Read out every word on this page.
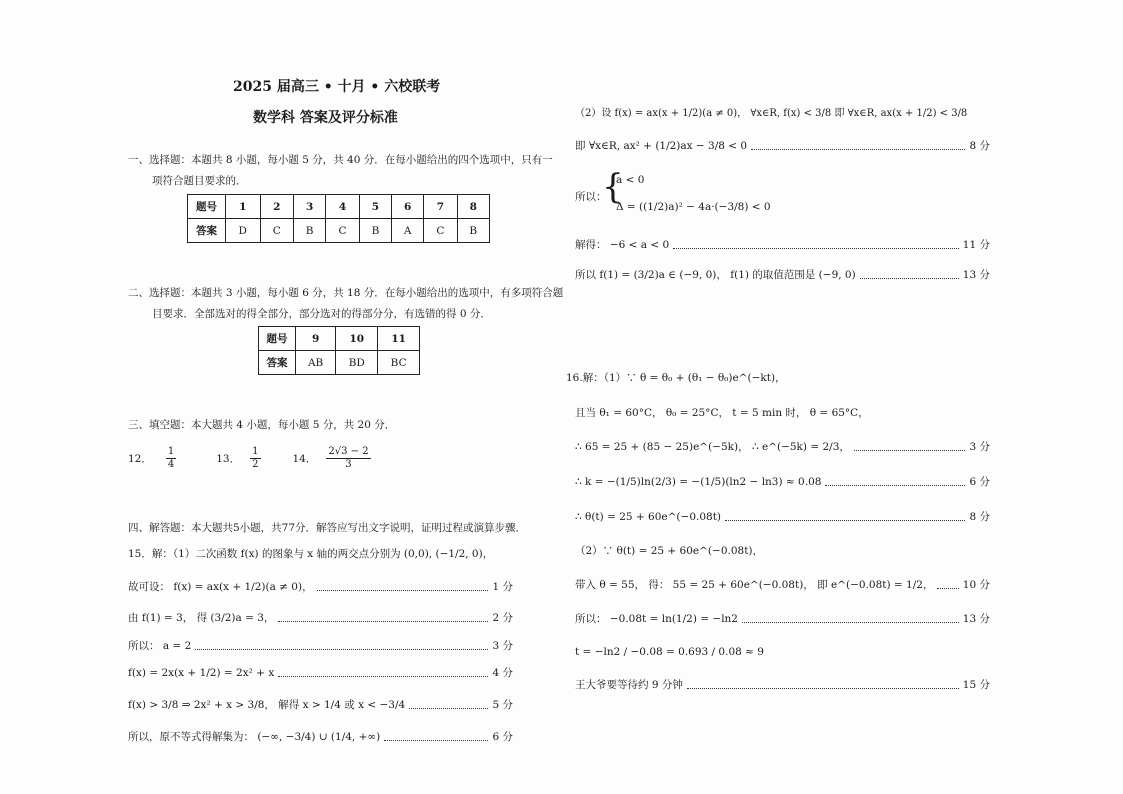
2025 届高三 • 十月 • 六校联考
数学科 答案及评分标准
一、选择题：本题共 8 小题，每小题 5 分，共 40 分．在每小题给出的四个选项中，只有一
项符合题目要求的．
题号	1	2	3	4	5	6	7	8
答案	D	C	B	C	B	A	C	B
二、选择题：本题共 3 小题，每小题 6 分，共 18 分．在每小题给出的选项中，有多项符合题
目要求．全部选对的得全部分，部分选对的得部分分，有选错的得 0 分．
题号	9	10	11
答案	AB	BD	BC
三、填空题：本大题共 4 小题，每小题 5 分，共 20 分．
12． $\frac{1}{4}$	13． $\frac{1}{2}$	14． $\frac{2√3 - 2}{3}$
四、解答题：本大题共5小题，共77分．解答应写出文字说明，证明过程或演算步骤．
15．解：（1）二次函数 f(x) 的图象与 x 轴的两交点分别为 (0,0), (−1/2, 0)，
故可设： f(x) = ax(x + 1/2)(a ≠ 0)，	1 分
由 f(1) = 3， 得 (3/2)a = 3，	2 分
所以： a = 2	3 分
f(x) = 2x(x + 1/2) = 2x² + x	4 分
f(x) > 3/8 ⇒ 2x² + x > 3/8， 解得 x > 1/4 或 x < −3/4	5 分
所以，原不等式得解集为： (−∞, −3/4) ∪ (1/4, +∞)	6 分
（2）设 f(x) = ax(x + 1/2)(a ≠ 0)， ∀x∈R, f(x) < 3/8 即 ∀x∈R, ax(x + 1/2) < 3/8
即 ∀x∈R, ax² + (1/2)ax − 3/8 < 0	8 分
所以：
{
a < 0
Δ = ((1/2)a)² − 4a·(−3/8) < 0
解得： −6 < a < 0	11 分
所以 f(1) = (3/2)a ∈ (−9, 0)， f(1) 的取值范围是 (−9, 0)	13 分
16.解：（1）∵ θ = θ₀ + (θ₁ − θ₀)e^(−kt)，
且当 θ₁ = 60°C， θ₀ = 25°C， t = 5 min 时， θ = 65°C，
∴ 65 = 25 + (85 − 25)e^(−5k)， ∴ e^(−5k) = 2/3，	3 分
∴ k = −(1/5)ln(2/3) = −(1/5)(ln2 − ln3) ≈ 0.08	6 分
∴ θ(t) = 25 + 60e^(−0.08t)	8 分
（2）∵ θ(t) = 25 + 60e^(−0.08t)，
带入 θ = 55， 得： 55 = 25 + 60e^(−0.08t)， 即 e^(−0.08t) = 1/2，	10 分
所以： −0.08t = ln(1/2) = −ln2	13 分
t = −ln2 / −0.08 = 0.693 / 0.08 ≈ 9
王大爷要等待约 9 分钟	15 分
